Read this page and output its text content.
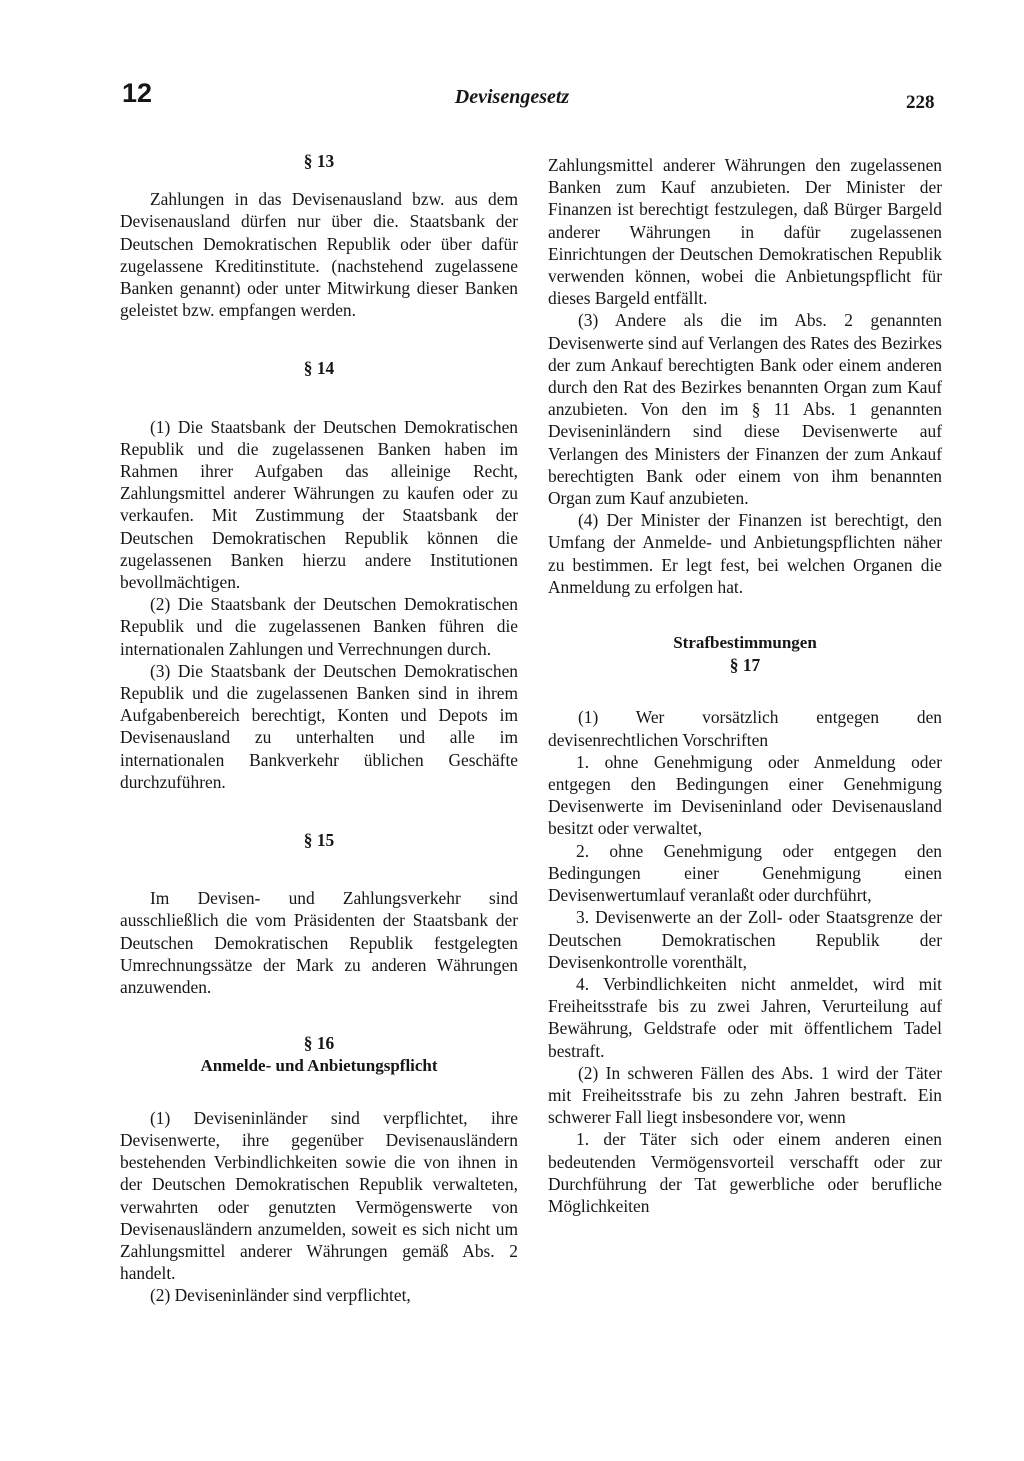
12	Devisengesetz	228

§ 13

Zahlungen in das Devisenausland bzw. aus dem Devisenausland dürfen nur über die. Staatsbank der Deutschen Demokratischen Republik oder über dafür zugelassene Kreditinstitute. (nachstehend zugelassene Banken genannt) oder unter Mitwirkung dieser Banken geleistet bzw. empfangen werden.

§ 14

(1) Die Staatsbank der Deutschen Demokratischen Republik und die zugelassenen Banken haben im Rahmen ihrer Aufgaben das alleinige Recht, Zahlungsmittel anderer Währungen zu kaufen oder zu verkaufen. Mit Zustimmung der Staatsbank der Deutschen Demokratischen Republik können die zugelassenen Banken hierzu andere Institutionen bevollmächtigen.

(2) Die Staatsbank der Deutschen Demokratischen Republik und die zugelassenen Banken führen die internationalen Zahlungen und Verrechnungen durch.

(3) Die Staatsbank der Deutschen Demokratischen Republik und die zugelassenen Banken sind in ihrem Aufgabenbereich berechtigt, Konten und Depots im Devisenausland zu unterhalten und alle im internationalen Bankverkehr üblichen Geschäfte durchzuführen.

§ 15

Im Devisen- und Zahlungsverkehr sind ausschließlich die vom Präsidenten der Staatsbank der Deutschen Demokratischen Republik festgelegten Umrechnungssätze der Mark zu anderen Währungen anzuwenden.

§ 16

Anmelde- und Anbietungspflicht

(1) Deviseninländer sind verpflichtet, ihre Devisenwerte, ihre gegenüber Devisenausländern bestehenden Verbindlichkeiten sowie die von ihnen in der Deutschen Demokratischen Republik verwalteten, verwahrten oder genutzten Vermögenswerte von Devisenausländern anzumelden, soweit es sich nicht um Zahlungsmittel anderer Währungen gemäß Abs. 2 handelt.

(2) Deviseninländer sind verpflichtet,

Zahlungsmittel anderer Währungen den zugelassenen Banken zum Kauf anzubieten. Der Minister der Finanzen ist berechtigt festzulegen, daß Bürger Bargeld anderer Währungen in dafür zugelassenen Einrichtungen der Deutschen Demokratischen Republik verwenden können, wobei die Anbietungspflicht für dieses Bargeld entfällt.

(3) Andere als die im Abs. 2 genannten Devisenwerte sind auf Verlangen des Rates des Bezirkes der zum Ankauf berechtigten Bank oder einem anderen durch den Rat des Bezirkes benannten Organ zum Kauf anzubieten. Von den im § 11 Abs. 1 genannten Deviseninländern sind diese Devisenwerte auf Verlangen des Ministers der Finanzen der zum Ankauf berechtigten Bank oder einem von ihm benannten Organ zum Kauf anzubieten.

(4) Der Minister der Finanzen ist berechtigt, den Umfang der Anmelde- und Anbietungspflichten näher zu bestimmen. Er legt fest, bei welchen Organen die Anmeldung zu erfolgen hat.

Strafbestimmungen

§ 17

(1) Wer vorsätzlich entgegen den devisenrechtlichen Vorschriften

1. ohne Genehmigung oder Anmeldung oder entgegen den Bedingungen einer Genehmigung Devisenwerte im Deviseninland oder Devisenausland besitzt oder verwaltet,

2. ohne Genehmigung oder entgegen den Bedingungen einer Genehmigung einen Devisenwertumlauf veranlaßt oder durchführt,

3. Devisenwerte an der Zoll- oder Staatsgrenze der Deutschen Demokratischen Republik der Devisenkontrolle vorenthält,

4. Verbindlichkeiten nicht anmeldet, wird mit Freiheitsstrafe bis zu zwei Jahren, Verurteilung auf Bewährung, Geldstrafe oder mit öffentlichem Tadel bestraft.

(2) In schweren Fällen des Abs. 1 wird der Täter mit Freiheitsstrafe bis zu zehn Jahren bestraft. Ein schwerer Fall liegt insbesondere vor, wenn

1. der Täter sich oder einem anderen einen bedeutenden Vermögensvorteil verschafft oder zur Durchführung der Tat gewerbliche oder berufliche Möglichkeiten
